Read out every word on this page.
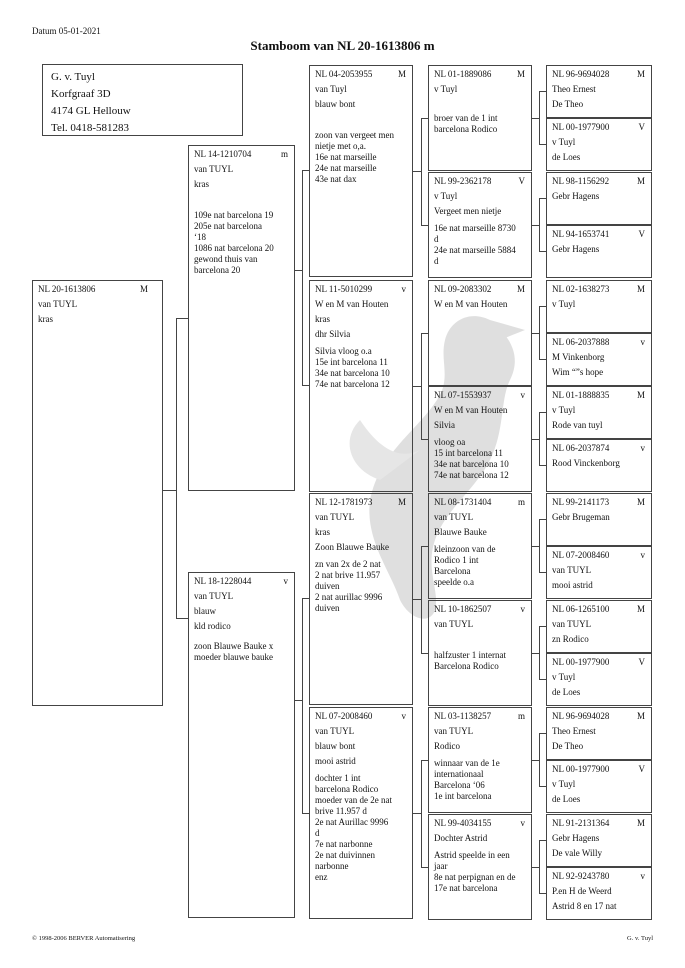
Datum 05-01-2021
Stamboom van NL 20-1613806 m
G. v. Tuyl
Korfgraaf 3D
4174 GL Hellouw
Tel. 0418-581283
NL 20-1613806	M
van TUYL
kras
NL 14-1210704	m
van TUYL
kras
109e nat barcelona 19
205e nat barcelona
‘18
1086 nat barcelona 20
gewond thuis van
barcelona 20
NL 18-1228044	v
van TUYL
blauw
kld rodico
zoon Blauwe Bauke x
moeder blauwe bauke
NL 04-2053955	M
van Tuyl
blauw bont
zoon van vergeet men
nietje met o,a.
16e nat marseille
24e nat marseille
43e nat dax
NL 11-5010299	v
W en M van Houten
kras
dhr Silvia
Silvia vloog o.a
15e int barcelona 11
34e nat barcelona 10
74e nat barcelona 12
NL 12-1781973	M
van TUYL
kras
Zoon Blauwe Bauke
zn van 2x de 2 nat
2 nat brive 11.957
duiven
2 nat aurillac 9996
duiven
NL 07-2008460	v
van TUYL
blauw bont
mooi astrid
dochter 1 int
barcelona Rodico
moeder van de 2e nat
brive 11.957 d
2e nat Aurillac 9996
d
7e nat narbonne
2e nat duivinnen
narbonne
enz
NL 01-1889086	M
v Tuyl
broer van de 1 int
barcelona Rodico
NL 99-2362178	V
v Tuyl
Vergeet men nietje
16e nat marseille 8730
d
24e nat marseille 5884
d
NL 09-2083302	M
W en M van Houten
NL 07-1553937	v
W en M van Houten
Silvia
vloog oa
15 int barcelona 11
34e nat barcelona 10
74e nat barcelona 12
NL 08-1731404	m
van TUYL
Blauwe Bauke
kleinzoon van de
Rodico 1 int
Barcelona
speelde o.a
NL 10-1862507	v
van TUYL
halfzuster 1 internat
Barcelona Rodico
NL 03-1138257	m
van TUYL
Rodico
winnaar van de 1e
internationaal
Barcelona ‘06
1e int barcelona
NL 99-4034155	v
Dochter Astrid
Astrid speelde in een
jaar
8e nat perpignan en de
17e nat barcelona
NL 96-9694028	M
Theo Ernest
De Theo
NL 00-1977900	V
v Tuyl
de Loes
NL 98-1156292	M
Gebr Hagens
NL 94-1653741	V
Gebr Hagens
NL 02-1638273	M
v Tuyl
NL 06-2037888	v
M Vinkenborg
Wim “”s hope
NL 01-1888835	M
v Tuyl
Rode van tuyl
NL 06-2037874	v
Rood Vinckenborg
NL 99-2141173	M
Gebr Brugeman
NL 07-2008460	v
van TUYL
mooi astrid
NL 06-1265100	M
van TUYL
zn Rodico
NL 00-1977900	V
v Tuyl
de Loes
NL 96-9694028	M
Theo Ernest
De Theo
NL 00-1977900	V
v Tuyl
de Loes
NL 91-2131364	M
Gebr Hagens
De vale Willy
NL 92-9243780	v
P.en H de Weerd
Astrid 8 en 17 nat
© 1998-2006 BERVER Automatisering	G. v. Tuyl
